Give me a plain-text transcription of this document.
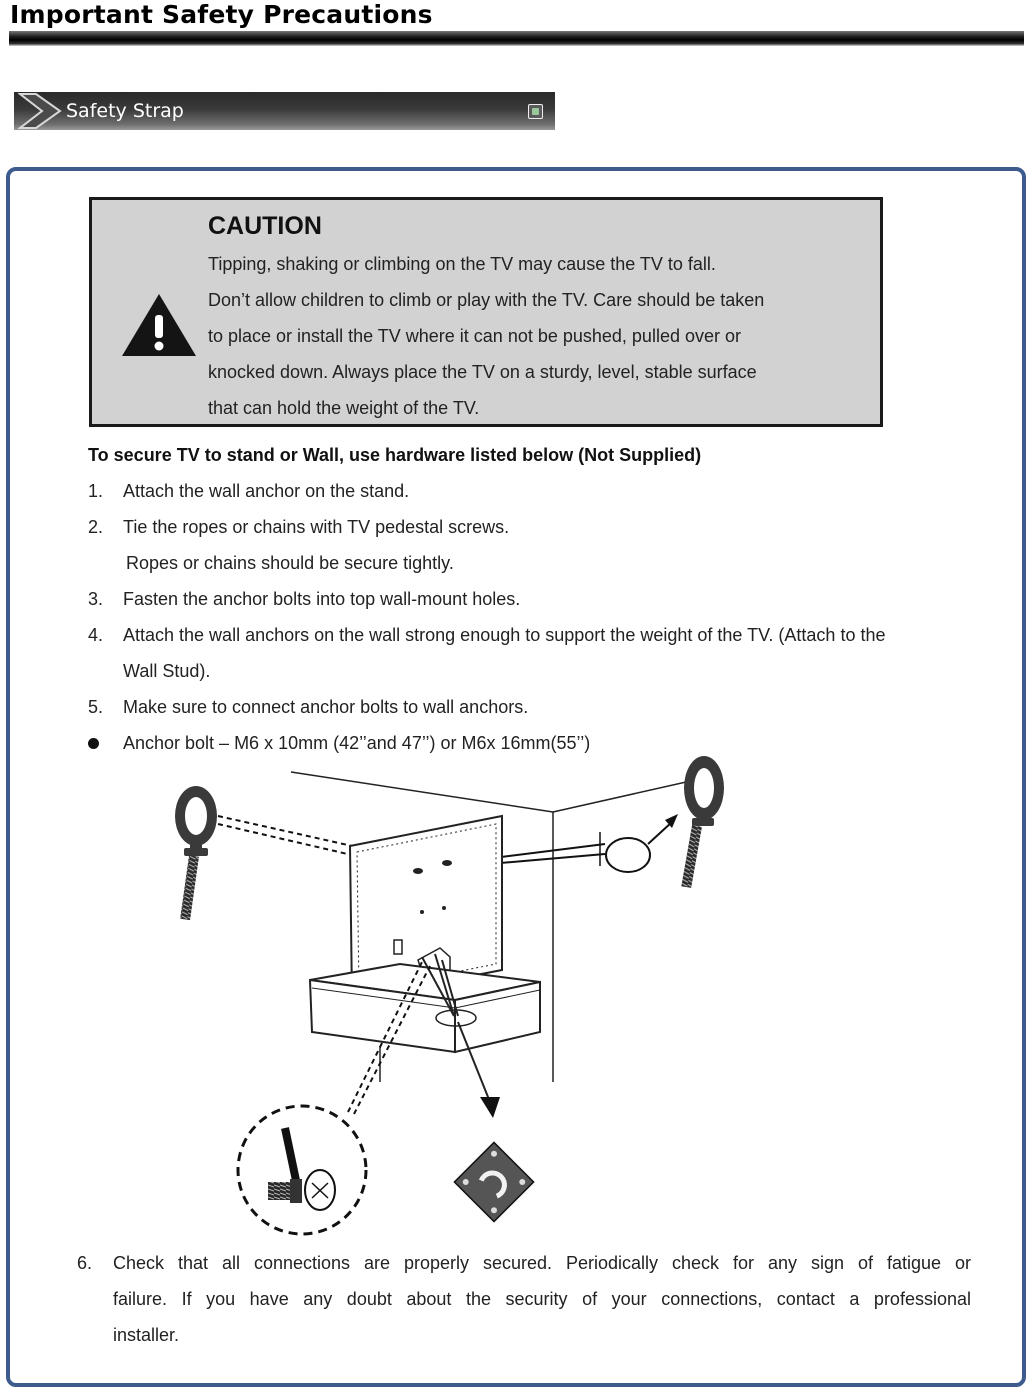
Important Safety Precautions
Safety Strap
CAUTION
Tipping, shaking or climbing on the TV may cause the TV to fall.
Don’t allow children to climb or play with the TV. Care should be taken
to place or install the TV where it can not be pushed, pulled over or
knocked down. Always place the TV on a sturdy, level, stable surface
that can hold the weight of the TV.
To secure TV to stand or Wall, use hardware listed below (Not Supplied)
1. Attach the wall anchor on the stand.
2. Tie the ropes or chains with TV pedestal screws.
Ropes or chains should be secure tightly.
3. Fasten the anchor bolts into top wall-mount holes.
4. Attach the wall anchors on the wall strong enough to support the weight of the TV. (Attach to the
Wall Stud).
5. Make sure to connect anchor bolts to wall anchors.
Anchor bolt – M6 x 10mm (42’’and 47’’) or M6x 16mm(55’’)
6. Check that all connections are properly secured. Periodically check for any sign of fatigue or
failure. If you have any doubt about the security of your connections, contact a professional
installer.
